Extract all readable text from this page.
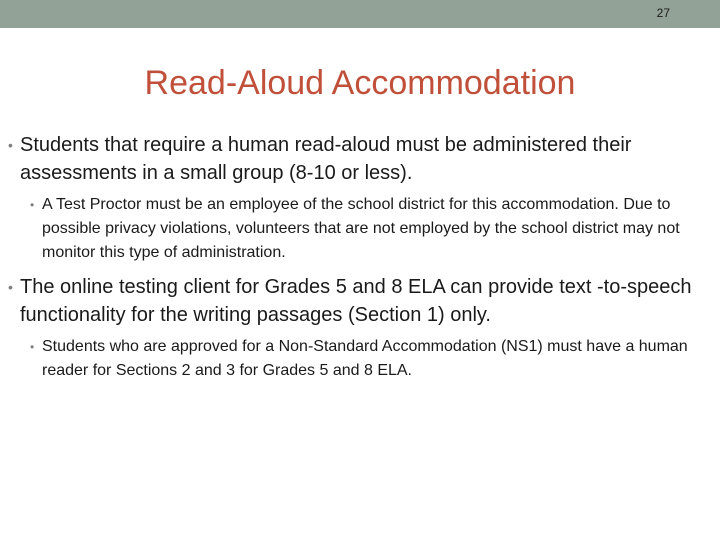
27
Read-Aloud Accommodation
• Students that require a human read-aloud must be administered their assessments in a small group (8-10 or less).
• A Test Proctor must be an employee of the school district for this accommodation. Due to possible privacy violations, volunteers that are not employed by the school district may not monitor this type of administration.
• The online testing client for Grades 5 and 8 ELA can provide text -to-speech functionality for the writing passages (Section 1) only.
• Students who are approved for a Non-Standard Accommodation (NS1) must have a human reader for Sections 2 and 3 for Grades 5 and 8 ELA.
